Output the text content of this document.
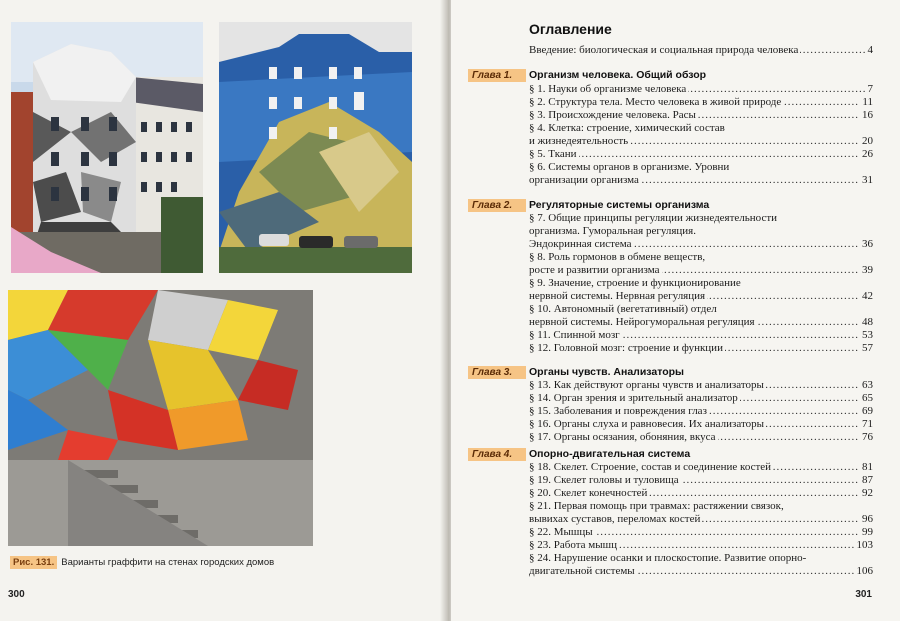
Рис. 131. Варианты граффити на стенах городских домов
300
Оглавление
Введение: биологическая и социальная природа человека	4
.....
Глава 1.	Организм человека. Общий обзор
§ 1. Науки об организме человека	7
.....
§ 2. Структура тела. Место человека в живой природе	11
.....
§ 3. Происхождение человека. Расы	16
.....
§ 4. Клетка: строение, химический состав
и жизнедеятельность	20
.....
§ 5. Ткани	26
.....
§ 6. Системы органов в организме. Уровни
организации организма	31
.....
Глава 2.	Регуляторные системы организма
§ 7. Общие принципы регуляции жизнедеятельности
организма. Гуморальная регуляция.
Эндокринная система	36
.....
§ 8. Роль гормонов в обмене веществ,
росте и развитии организма	39
.....
§ 9. Значение, строение и функционирование
нервной системы. Нервная регуляция	42
.....
§ 10. Автономный (вегетативный) отдел
нервной системы. Нейрогуморальная регуляция	48
.....
§ 11. Спинной мозг	53
.....
§ 12. Головной мозг: строение и функции	57
.....
Глава 3.	Органы чувств. Анализаторы
§ 13. Как действуют органы чувств и анализаторы	63
.....
§ 14. Орган зрения и зрительный анализатор	65
.....
§ 15. Заболевания и повреждения глаз	69
.....
§ 16. Органы слуха и равновесия. Их анализаторы	71
.....
§ 17. Органы осязания, обоняния, вкуса	76
.....
Глава 4.	Опорно-двигательная система
§ 18. Скелет. Строение, состав и соединение костей	81
.....
§ 19. Скелет головы и туловища	87
.....
§ 20. Скелет конечностей	92
.....
§ 21. Первая помощь при травмах: растяжении связок,
вывихах суставов, переломах костей	96
.....
§ 22. Мышцы	99
.....
§ 23. Работа мышц	103
.....
§ 24. Нарушение осанки и плоскостопие. Развитие опорно-
двигательной системы	106
.....
301
